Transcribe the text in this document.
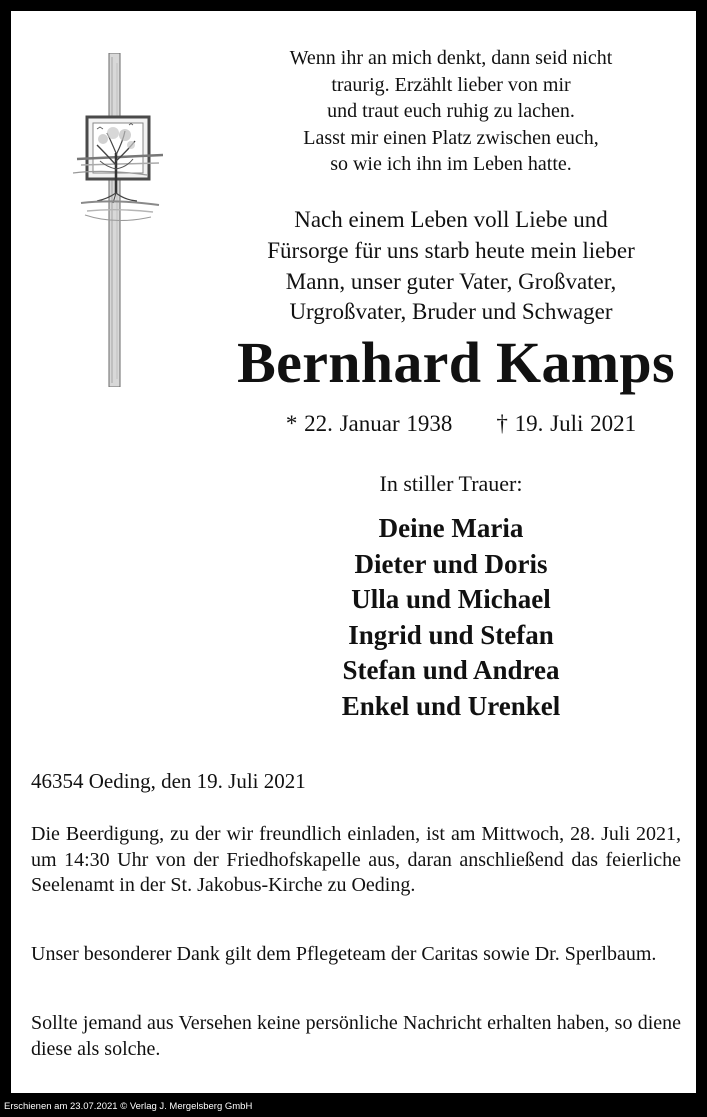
Wenn ihr an mich denkt, dann seid nicht
traurig. Erzählt lieber von mir
und traut euch ruhig zu lachen.
Lasst mir einen Platz zwischen euch,
so wie ich ihn im Leben hatte.
Nach einem Leben voll Liebe und
Fürsorge für uns starb heute mein lieber
Mann, unser guter Vater, Großvater,
Urgroßvater, Bruder und Schwager
Bernhard Kamps

* 22. Januar 1938 † 19. Juli 2021

In stiller Trauer:

Deine Maria
Dieter und Doris
Ulla und Michael
Ingrid und Stefan
Stefan und Andrea
Enkel und Urenkel

46354 Oeding, den 19. Juli 2021

Die Beerdigung, zu der wir freundlich einladen, ist am Mittwoch, 28. Juli 2021, um 14:30 Uhr von der Friedhofskapelle aus, daran anschließend das feierliche Seelenamt in der St. Jakobus-Kirche zu Oeding.

Unser besonderer Dank gilt dem Pflegeteam der Caritas sowie Dr. Sperlbaum.

Sollte jemand aus Versehen keine persönliche Nachricht erhalten haben, so diene diese als solche.

Erschienen am 23.07.2021 © Verlag J. Mergelsberg GmbH
